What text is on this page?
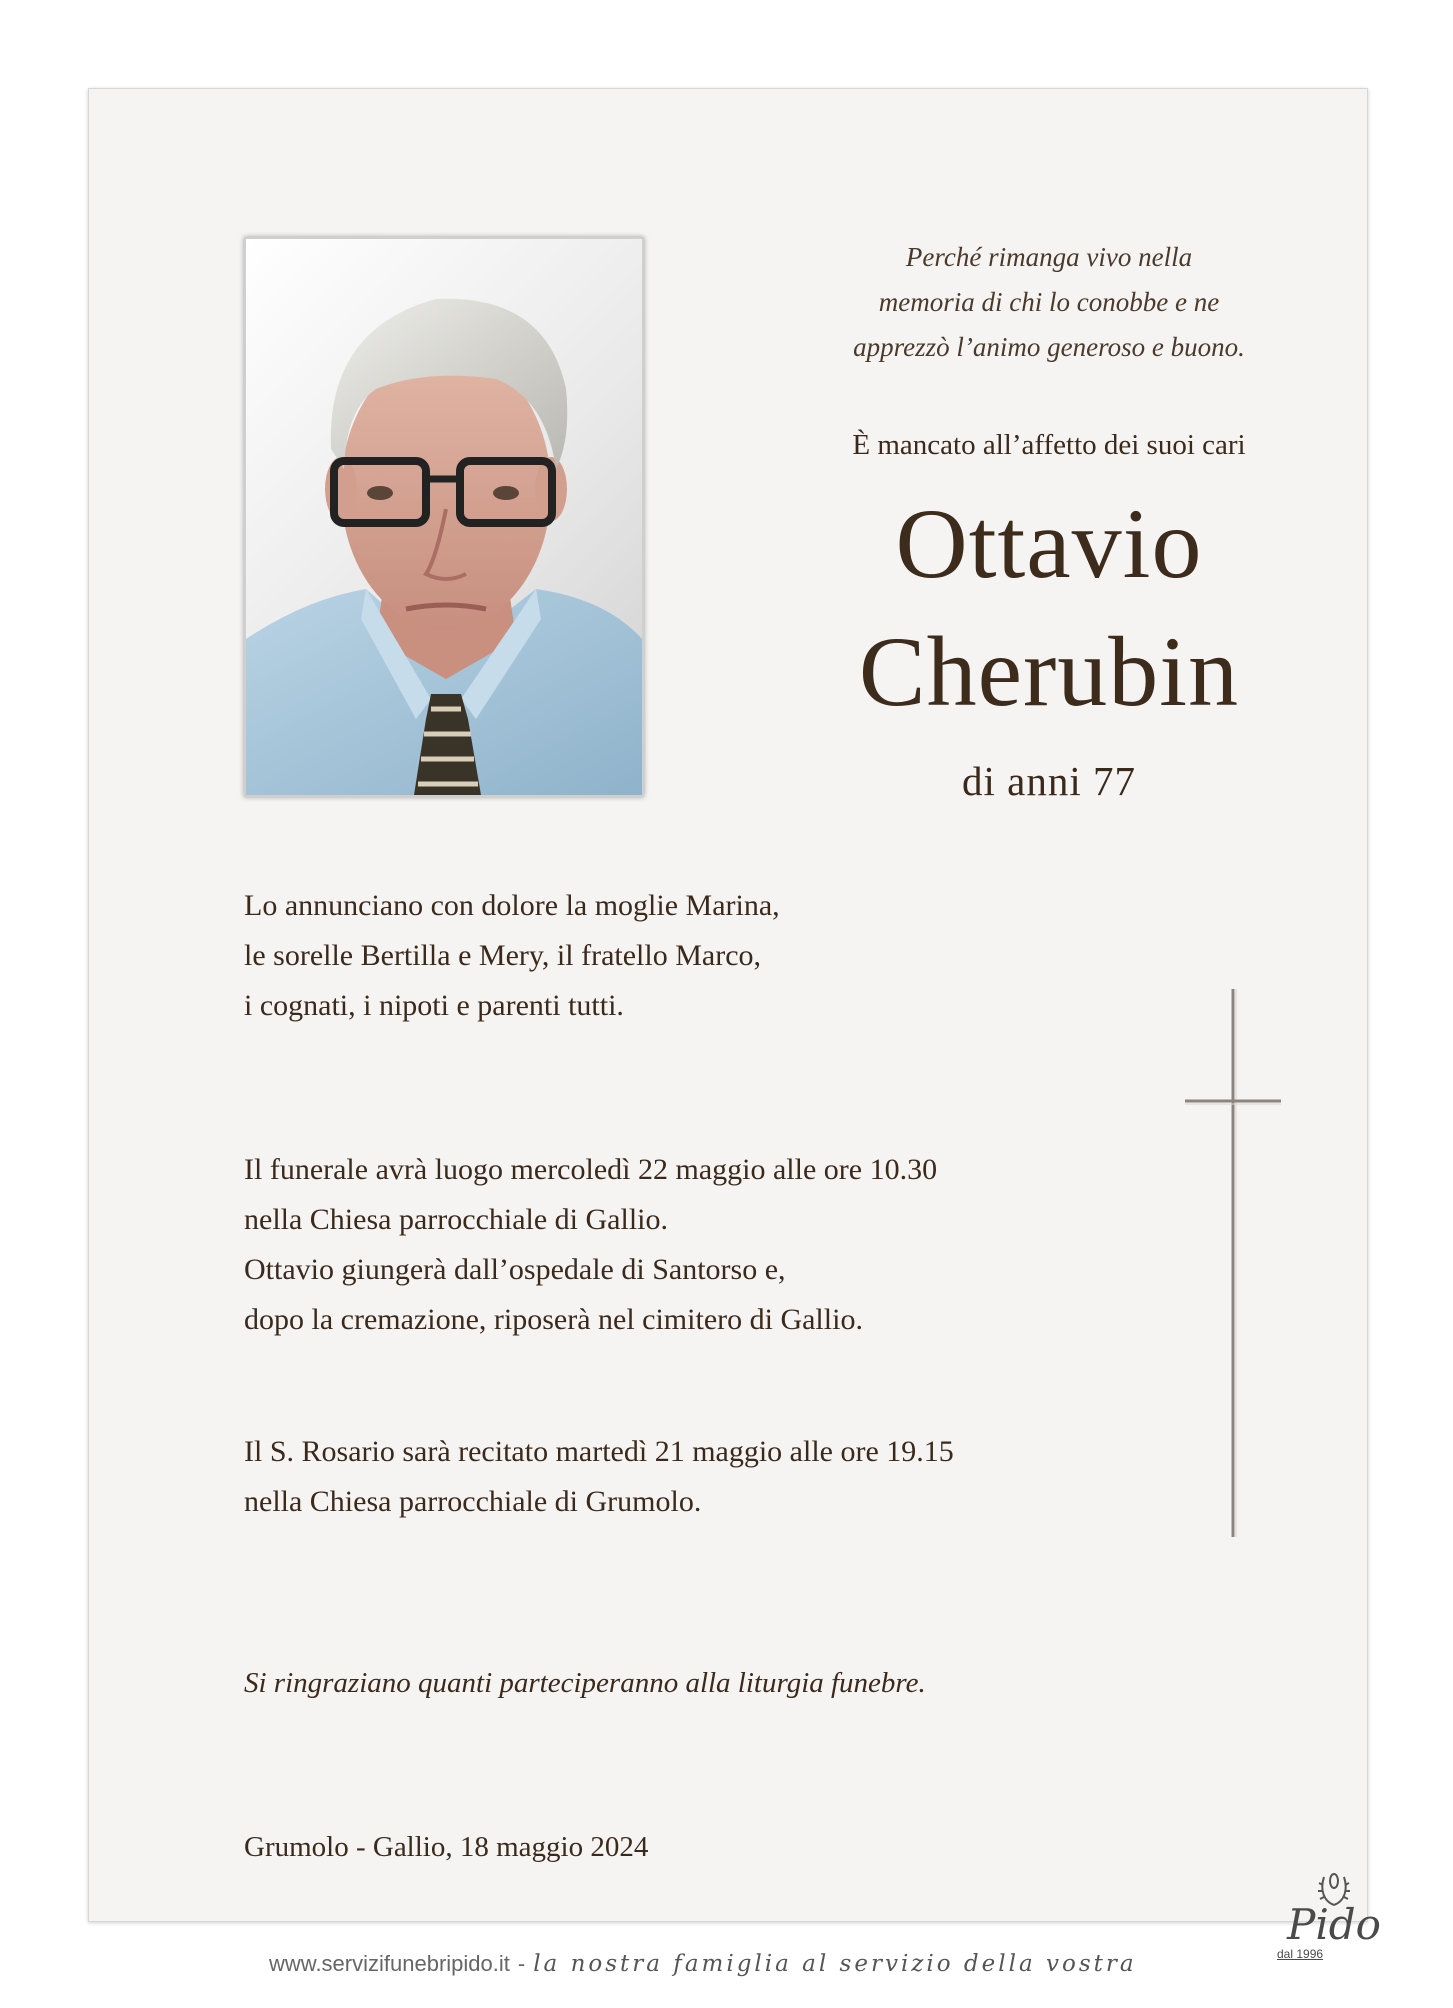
Perché rimanga vivo nella
memoria di chi lo conobbe e ne
apprezzò l’animo generoso e buono.
È mancato all’affetto dei suoi cari
Ottavio
Cherubin
di anni 77
Lo annunciano con dolore la moglie Marina,
le sorelle Bertilla e Mery, il fratello Marco,
i cognati, i nipoti e parenti tutti.
Il funerale avrà luogo mercoledì 22 maggio alle ore 10.30
nella Chiesa parrocchiale di Gallio.
Ottavio giungerà dall’ospedale di Santorso e,
dopo la cremazione, riposerà nel cimitero di Gallio.
Il S. Rosario sarà recitato martedì 21 maggio alle ore 19.15
nella Chiesa parrocchiale di Grumolo.
Si ringraziano quanti parteciperanno alla liturgia funebre.
Grumolo - Gallio, 18 maggio 2024
www.servizifunebripido.it - la nostra famiglia al servizio della vostra
Pido
dal 1996
